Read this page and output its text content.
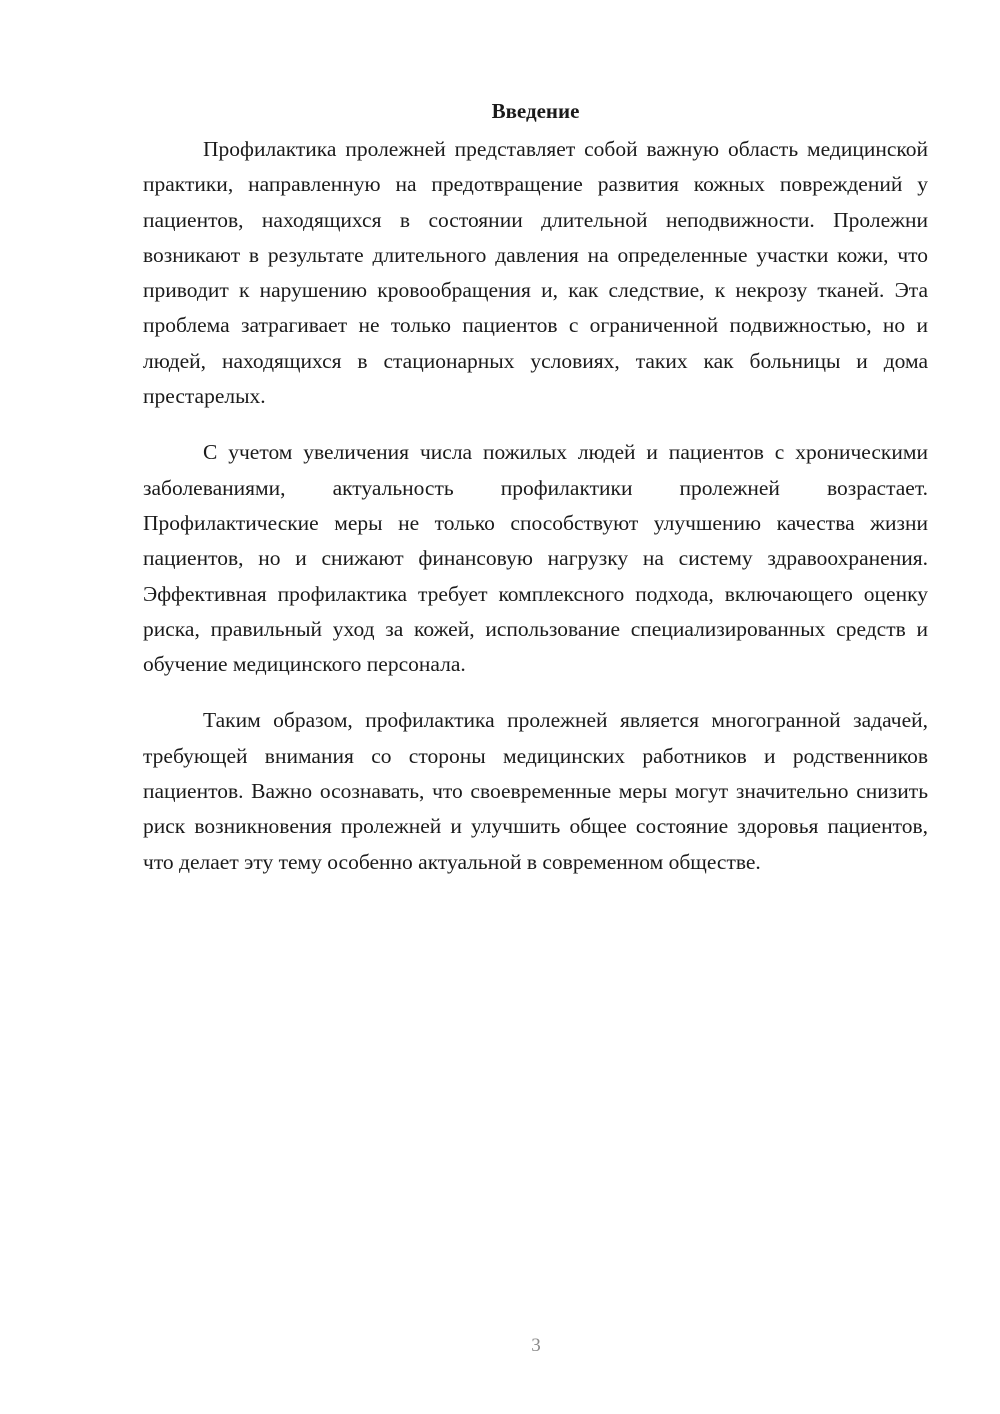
Введение

Профилактика пролежней представляет собой важную область медицинской практики, направленную на предотвращение развития кожных повреждений у пациентов, находящихся в состоянии длительной неподвижности. Пролежни возникают в результате длительного давления на определенные участки кожи, что приводит к нарушению кровообращения и, как следствие, к некрозу тканей. Эта проблема затрагивает не только пациентов с ограниченной подвижностью, но и людей, находящихся в стационарных условиях, таких как больницы и дома престарелых.

С учетом увеличения числа пожилых людей и пациентов с хроническими заболеваниями, актуальность профилактики пролежней возрастает. Профилактические меры не только способствуют улучшению качества жизни пациентов, но и снижают финансовую нагрузку на систему здравоохранения. Эффективная профилактика требует комплексного подхода, включающего оценку риска, правильный уход за кожей, использование специализированных средств и обучение медицинского персонала.

Таким образом, профилактика пролежней является многогранной задачей, требующей внимания со стороны медицинских работников и родственников пациентов. Важно осознавать, что своевременные меры могут значительно снизить риск возникновения пролежней и улучшить общее состояние здоровья пациентов, что делает эту тему особенно актуальной в современном обществе.

3
